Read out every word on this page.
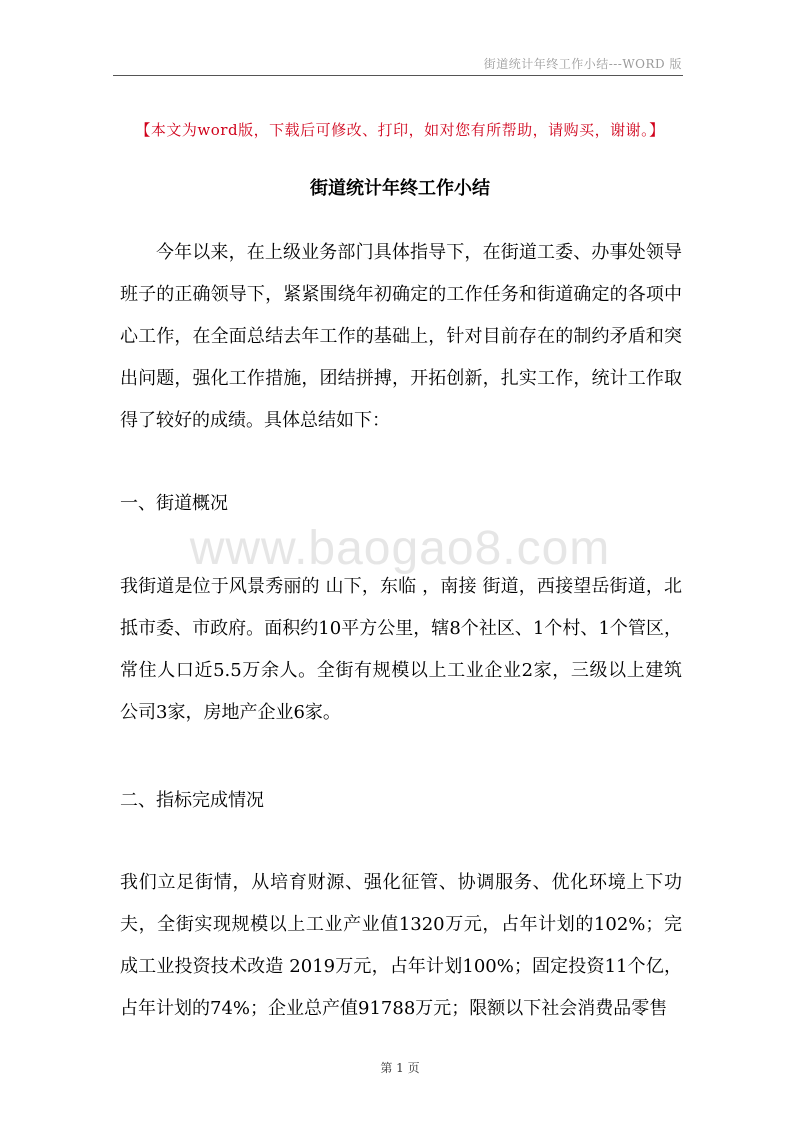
街道统计年终工作小结---WORD 版
【本文为word版，下载后可修改、打印，如对您有所帮助，请购买，谢谢。】
街道统计年终工作小结
今年以来，在上级业务部门具体指导下，在街道工委、办事处领导班子的正确领导下，紧紧围绕年初确定的工作任务和街道确定的各项中心工作，在全面总结去年工作的基础上，针对目前存在的制约矛盾和突出问题，强化工作措施，团结拼搏，开拓创新，扎实工作，统计工作取得了较好的成绩。具体总结如下：
一、街道概况
www.baogao8.com
我街道是位于风景秀丽的 山下，东临 ，南接 街道，西接望岳街道，北抵市委、市政府。面积约10平方公里，辖8个社区、1个村、1个管区，常住人口近5.5万余人。全街有规模以上工业企业2家，三级以上建筑公司3家，房地产企业6家。
二、指标完成情况
我们立足街情，从培育财源、强化征管、协调服务、优化环境上下功夫，全街实现规模以上工业产业值1320万元，占年计划的102%；完成工业投资技术改造 2019万元，占年计划100%；固定投资11个亿，占年计划的74%；企业总产值91788万元；限额以下社会消费品零售
第 1 页
